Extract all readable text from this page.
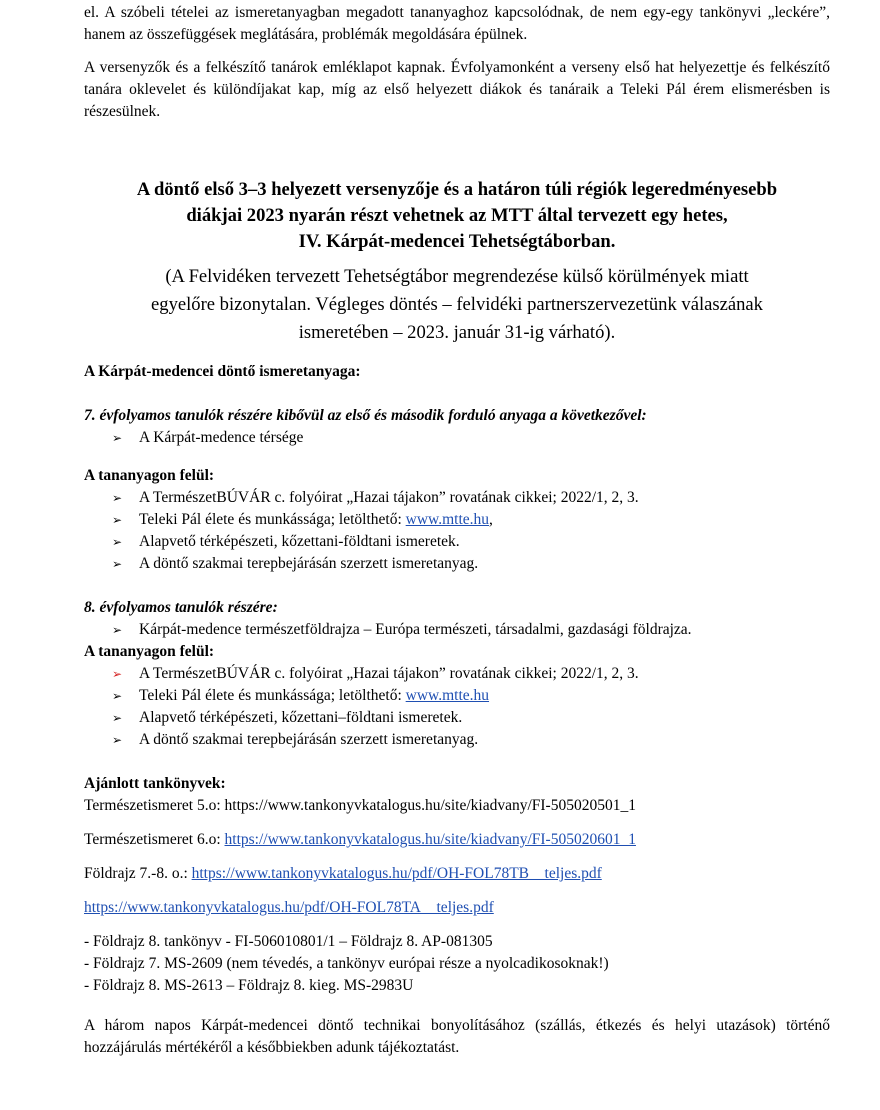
el. A szóbeli tételei az ismeretanyagban megadott tananyaghoz kapcsolódnak, de nem egy-egy tankönyvi „leckére”, hanem az összefüggések meglátására, problémák megoldására épülnek.

A versenyzők és a felkészítő tanárok emléklapot kapnak. Évfolyamonként a verseny első hat helyezettje és felkészítő tanára oklevelet és különdíjakat kap, míg az első helyezett diákok és tanáraik a Teleki Pál érem elismerésben is részesülnek.

A döntő első 3–3 helyezett versenyzője és a határon túli régiók legeredményesebb
diákjai 2023 nyarán részt vehetnek az MTT által tervezett egy hetes,
IV. Kárpát-medencei Tehetségtáborban.
(A Felvidéken tervezett Tehetségtábor megrendezése külső körülmények miatt
egyelőre bizonytalan. Végleges döntés – felvidéki partnerszervezetünk válaszának
ismeretében – 2023. január 31-ig várható).

A Kárpát-medencei döntő ismeretanyaga:

7. évfolyamos tanulók részére kibővül az első és második forduló anyaga a következővel:

➢ A Kárpát-medence térsége

A tananyagon felül:

➢ A TermészetBÚVÁR c. folyóirat „Hazai tájakon” rovatának cikkei; 2022/1, 2, 3.
➢ Teleki Pál élete és munkássága; letölthető: www.mtte.hu,
➢ Alapvető térképészeti, kőzettani-földtani ismeretek.
➢ A döntő szakmai terepbejárásán szerzett ismeretanyag.

8. évfolyamos tanulók részére:

➢ Kárpát-medence természetföldrajza – Európa természeti, társadalmi, gazdasági földrajza.

A tananyagon felül:

➢ A TermészetBÚVÁR c. folyóirat „Hazai tájakon” rovatának cikkei; 2022/1, 2, 3.
➢ Teleki Pál élete és munkássága; letölthető: www.mtte.hu
➢ Alapvető térképészeti, kőzettani–földtani ismeretek.
➢ A döntő szakmai terepbejárásán szerzett ismeretanyag.

Ajánlott tankönyvek:

Természetismeret 5.o: https://www.tankonyvkatalogus.hu/site/kiadvany/FI-505020501_1

Természetismeret 6.o: https://www.tankonyvkatalogus.hu/site/kiadvany/FI-505020601_1

Földrajz 7.-8. o.: https://www.tankonyvkatalogus.hu/pdf/OH-FOL78TB__teljes.pdf

https://www.tankonyvkatalogus.hu/pdf/OH-FOL78TA__teljes.pdf

- Földrajz 8. tankönyv - FI-506010801/1 – Földrajz 8. AP-081305

- Földrajz 7. MS-2609 (nem tévedés, a tankönyv európai része a nyolcadikosoknak!)

- Földrajz 8. MS-2613 – Földrajz 8. kieg. MS-2983U

A három napos Kárpát-medencei döntő technikai bonyolításához (szállás, étkezés és helyi utazások) történő hozzájárulás mértékéről a későbbiekben adunk tájékoztatást.
